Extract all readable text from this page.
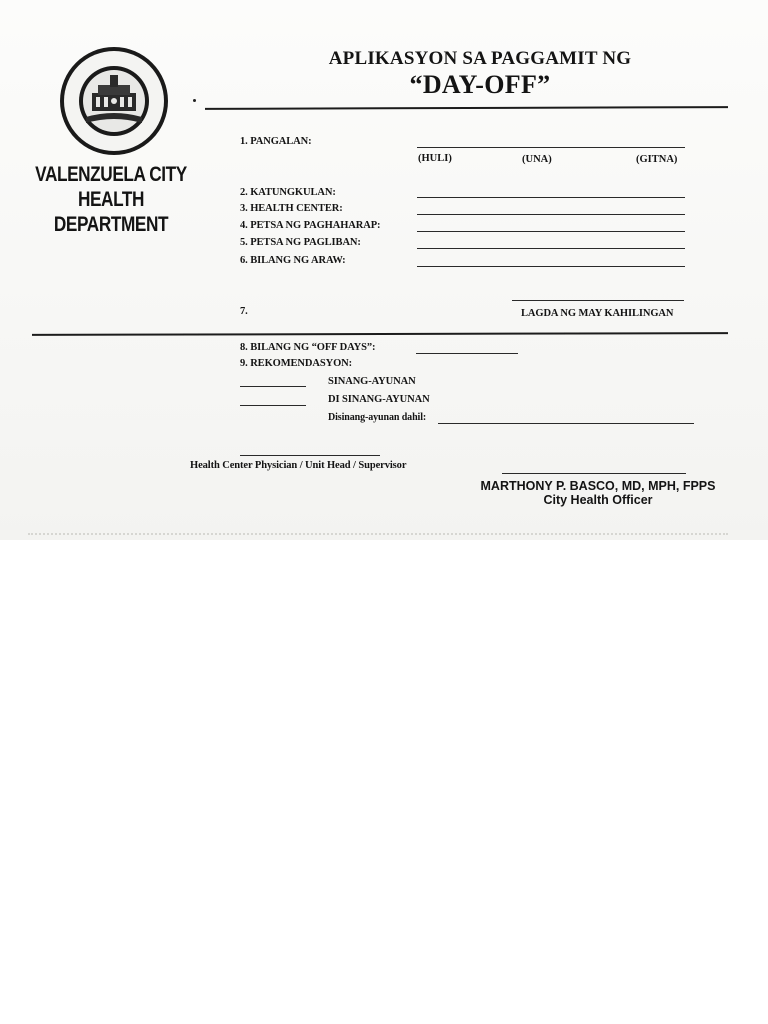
VALENZUELA CITY
HEALTH
DEPARTMENT
APLIKASYON SA PAGGAMIT NG
“DAY-OFF”
1. PANGALAN:
(HULI)	(UNA)	(GITNA)
2. KATUNGKULAN:
3. HEALTH CENTER:
4. PETSA NG PAGHAHARAP:
5. PETSA NG PAGLIBAN:
6. BILANG NG ARAW:
7.	LAGDA NG MAY KAHILINGAN
8. BILANG NG “OFF DAYS”:
9. REKOMENDASYON:
SINANG-AYUNAN
DI SINANG-AYUNAN
Disinang-ayunan dahil:
Health Center Physician / Unit Head / Supervisor
MARTHONY P. BASCO, MD, MPH, FPPS
City Health Officer
